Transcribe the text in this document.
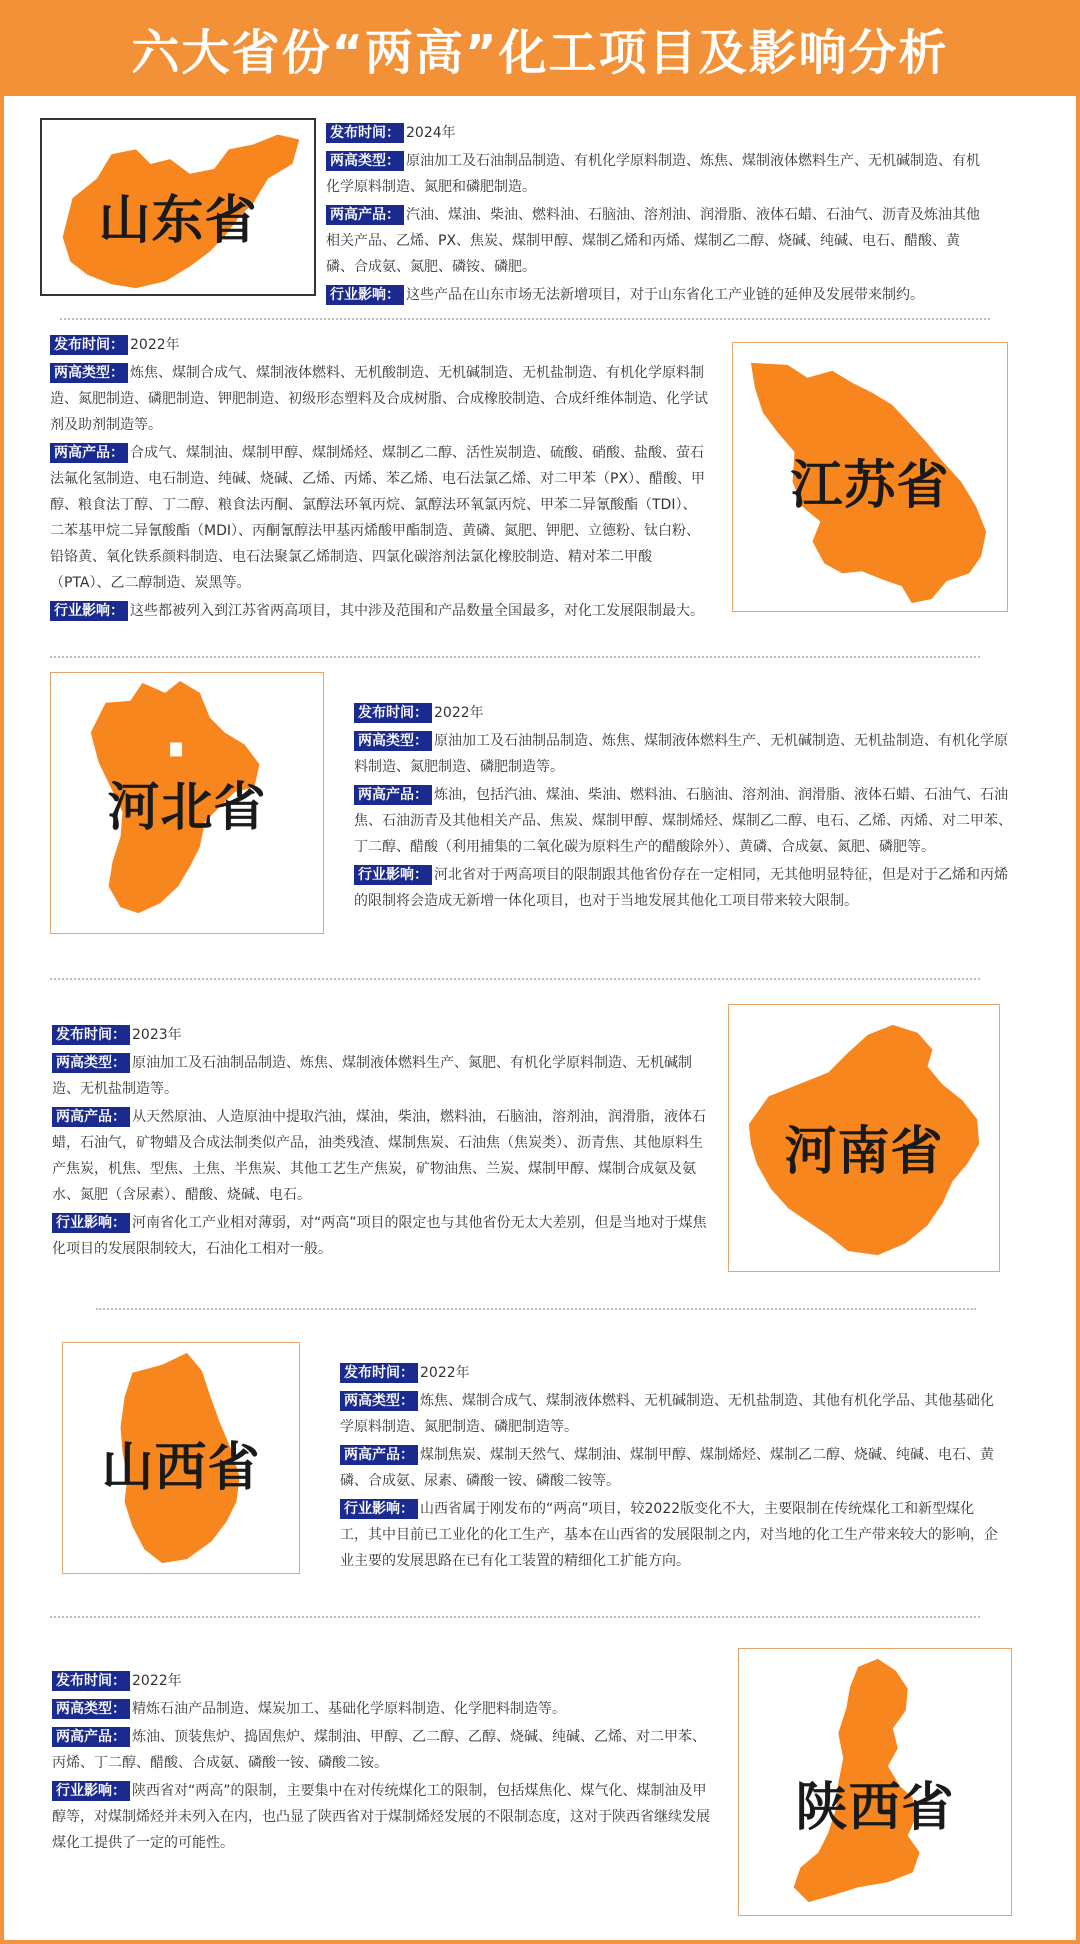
六大省份“两高”化工项目及影响分析
山东省

发布时间： 2024年

两高类型： 原油加工及石油制品制造、有机化学原料制造、炼焦、煤制液体燃料生产、无机碱制造、有机化学原料制造、氮肥和磷肥制造。

两高产品： 汽油、煤油、柴油、燃料油、石脑油、溶剂油、润滑脂、液体石蜡、石油气、沥青及炼油其他相关产品、乙烯、PX、焦炭、煤制甲醇、煤制乙烯和丙烯、煤制乙二醇、烧碱、纯碱、电石、醋酸、黄磷、合成氨、氮肥、磷铵、磷肥。

行业影响： 这些产品在山东市场无法新增项目，对于山东省化工产业链的延伸及发展带来制约。

发布时间： 2022年

两高类型： 炼焦、煤制合成气、煤制液体燃料、无机酸制造、无机碱制造、无机盐制造、有机化学原料制造、氮肥制造、磷肥制造、钾肥制造、初级形态塑料及合成树脂、合成橡胶制造、合成纤维体制造、化学试剂及助剂制造等。

两高产品： 合成气、煤制油、煤制甲醇、煤制烯烃、煤制乙二醇、活性炭制造、硫酸、硝酸、盐酸、萤石法氟化氢制造、电石制造、纯碱、烧碱、乙烯、丙烯、苯乙烯、电石法氯乙烯、对二甲苯（PX）、醋酸、甲醇、粮食法丁醇、丁二醇、粮食法丙酮、氯醇法环氧丙烷、氯醇法环氧氯丙烷、甲苯二异氰酸酯（TDI）、二苯基甲烷二异氰酸酯（MDI）、丙酮氰醇法甲基丙烯酸甲酯制造、黄磷、氮肥、钾肥、立德粉、钛白粉、铅铬黄、氧化铁系颜料制造、电石法聚氯乙烯制造、四氯化碳溶剂法氯化橡胶制造、精对苯二甲酸（PTA）、乙二醇制造、炭黑等。

行业影响： 这些都被列入到江苏省两高项目，其中涉及范围和产品数量全国最多，对化工发展限制最大。

江苏省
河北省

发布时间： 2022年

两高类型： 原油加工及石油制品制造、炼焦、煤制液体燃料生产、无机碱制造、无机盐制造、有机化学原料制造、氮肥制造、磷肥制造等。

两高产品： 炼油，包括汽油、煤油、柴油、燃料油、石脑油、溶剂油、润滑脂、液体石蜡、石油气、石油焦、石油沥青及其他相关产品、焦炭、煤制甲醇、煤制烯烃、煤制乙二醇、电石、乙烯、丙烯、对二甲苯、丁二醇、醋酸（利用捕集的二氧化碳为原料生产的醋酸除外）、黄磷、合成氨、氮肥、磷肥等。

行业影响： 河北省对于两高项目的限制跟其他省份存在一定相同，无其他明显特征，但是对于乙烯和丙烯的限制将会造成无新增一体化项目，也对于当地发展其他化工项目带来较大限制。

发布时间： 2023年

两高类型： 原油加工及石油制品制造、炼焦、煤制液体燃料生产、氮肥、有机化学原料制造、无机碱制造、无机盐制造等。

两高产品： 从天然原油、人造原油中提取汽油，煤油，柴油，燃料油，石脑油，溶剂油，润滑脂，液体石蜡，石油气，矿物蜡及合成法制类似产品，油类残渣、煤制焦炭、石油焦（焦炭类）、沥青焦、其他原料生产焦炭，机焦、型焦、土焦、半焦炭、其他工艺生产焦炭，矿物油焦、兰炭、煤制甲醇、煤制合成氨及氨水、氮肥（含尿素）、醋酸、烧碱、电石。

行业影响： 河南省化工产业相对薄弱，对“两高”项目的限定也与其他省份无太大差别，但是当地对于煤焦化项目的发展限制较大，石油化工相对一般。

河南省
山西省

发布时间： 2022年

两高类型： 炼焦、煤制合成气、煤制液体燃料、无机碱制造、无机盐制造、其他有机化学品、其他基础化学原料制造、氮肥制造、磷肥制造等。

两高产品： 煤制焦炭、煤制天然气、煤制油、煤制甲醇、煤制烯烃、煤制乙二醇、烧碱、纯碱、电石、黄磷、合成氨、尿素、磷酸一铵、磷酸二铵等。

行业影响： 山西省属于刚发布的“两高”项目，较2022版变化不大，主要限制在传统煤化工和新型煤化工，其中目前已工业化的化工生产，基本在山西省的发展限制之内，对当地的化工生产带来较大的影响，企业主要的发展思路在已有化工装置的精细化工扩能方向。

发布时间： 2022年

两高类型： 精炼石油产品制造、煤炭加工、基础化学原料制造、化学肥料制造等。

两高产品： 炼油、顶装焦炉、捣固焦炉、煤制油、甲醇、乙二醇、乙醇、烧碱、纯碱、乙烯、对二甲苯、丙烯、丁二醇、醋酸、合成氨、磷酸一铵、磷酸二铵。

行业影响： 陕西省对“两高”的限制，主要集中在对传统煤化工的限制，包括煤焦化、煤气化、煤制油及甲醇等，对煤制烯烃并未列入在内，也凸显了陕西省对于煤制烯烃发展的不限制态度，这对于陕西省继续发展煤化工提供了一定的可能性。

陕西省
